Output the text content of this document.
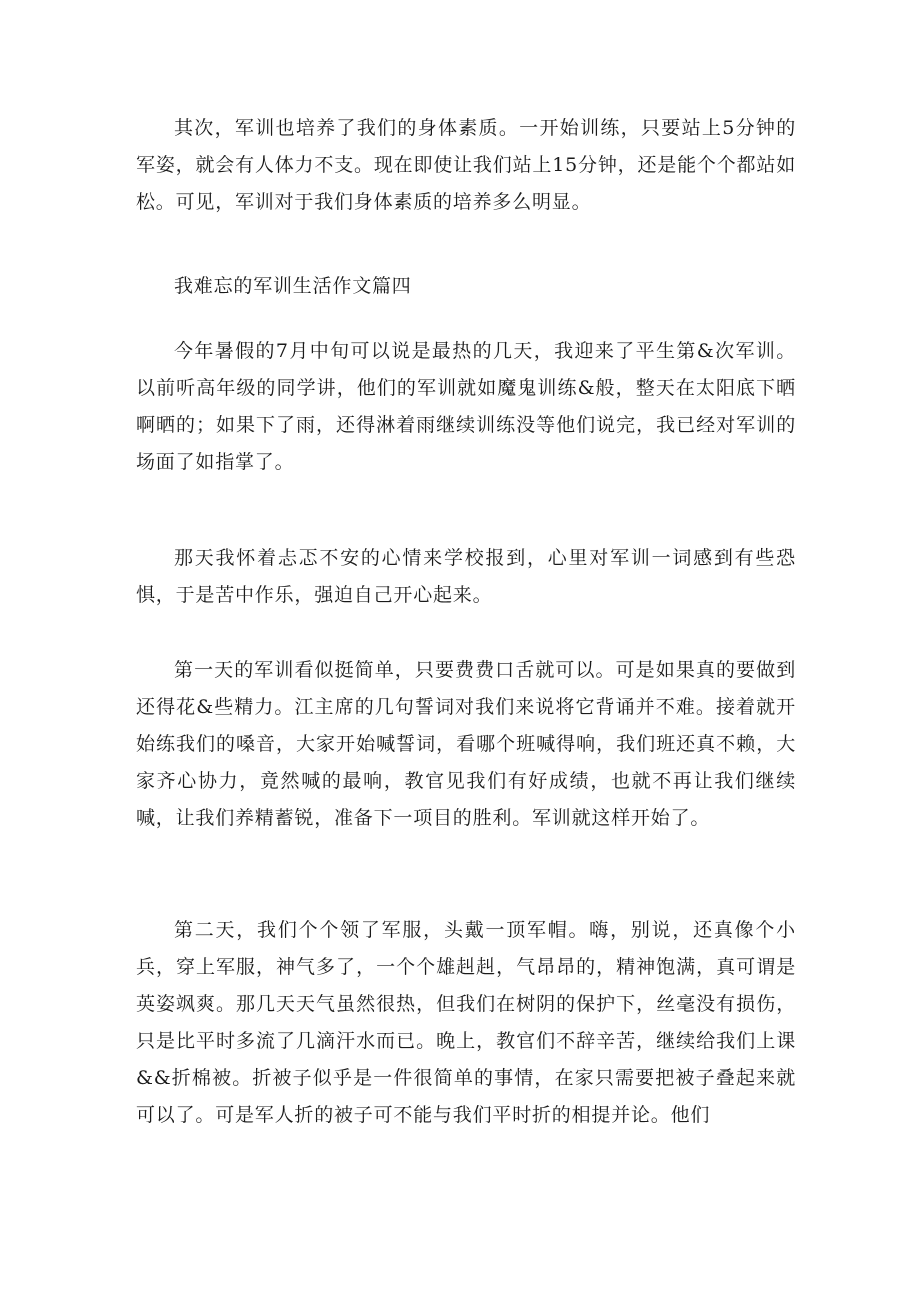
其次，军训也培养了我们的身体素质。一开始训练，只要站上5分钟的军姿，就会有人体力不支。现在即使让我们站上15分钟，还是能个个都站如松。可见，军训对于我们身体素质的培养多么明显。

我难忘的军训生活作文篇四

今年暑假的7月中旬可以说是最热的几天，我迎来了平生第&次军训。以前听高年级的同学讲，他们的军训就如魔鬼训练&般，整天在太阳底下晒啊晒的；如果下了雨，还得淋着雨继续训练没等他们说完，我已经对军训的场面了如指掌了。

那天我怀着忐忑不安的心情来学校报到，心里对军训一词感到有些恐惧，于是苦中作乐，强迫自己开心起来。

第一天的军训看似挺简单，只要费费口舌就可以。可是如果真的要做到还得花&些精力。江主席的几句誓词对我们来说将它背诵并不难。接着就开始练我们的嗓音，大家开始喊誓词，看哪个班喊得响，我们班还真不赖，大家齐心协力，竟然喊的最响，教官见我们有好成绩，也就不再让我们继续喊，让我们养精蓄锐，准备下一项目的胜利。军训就这样开始了。

第二天，我们个个领了军服，头戴一顶军帽。嗨，别说，还真像个小兵，穿上军服，神气多了，一个个雄赳赳，气昂昂的，精神饱满，真可谓是英姿飒爽。那几天天气虽然很热，但我们在树阴的保护下，丝毫没有损伤，只是比平时多流了几滴汗水而已。晚上，教官们不辞辛苦，继续给我们上课&&折棉被。折被子似乎是一件很简单的事情，在家只需要把被子叠起来就可以了。可是军人折的被子可不能与我们平时折的相提并论。他们
